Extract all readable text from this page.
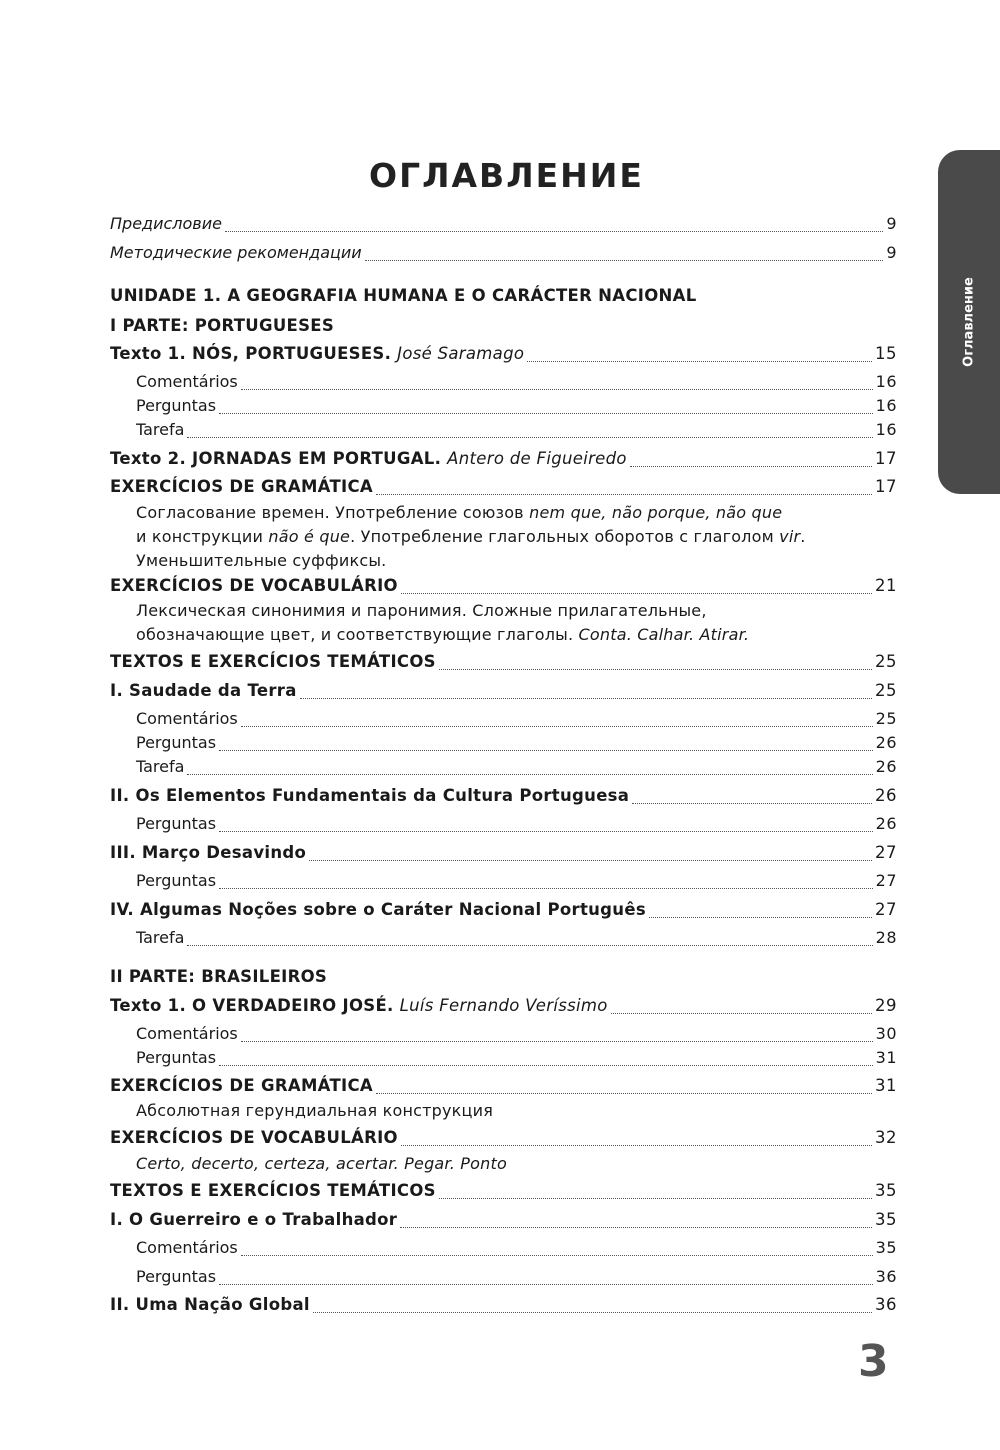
ОГЛАВЛЕНИЕ
Оглавление
Предисловие	9
Методические рекомендации	9
UNIDADE 1. A GEOGRAFIA HUMANA E O CARÁCTER NACIONAL
I PARTE: PORTUGUESES
Texto 1. NÓS, PORTUGUESES. José Saramago	15
Comentários	16
Perguntas	16
Tarefa	16
Texto 2. JORNADAS EM PORTUGAL. Antero de Figueiredo	17
EXERCÍCIOS DE GRAMÁTICA	17
Согласование времен. Употребление союзов nem que, não porque, não que
и конструкции não é que. Употребление глагольных оборотов с глаголом vir.
Уменьшительные суффиксы.
EXERCÍCIOS DE VOCABULÁRIO	21
Лексическая синонимия и паронимия. Сложные прилагательные,
обозначающие цвет, и соответствующие глаголы. Conta. Calhar. Atirar.
TEXTOS E EXERCÍCIOS TEMÁTICOS	25
I. Saudade da Terra	25
Comentários	25
Perguntas	26
Tarefa	26
II. Os Elementos Fundamentais da Cultura Portuguesa	26
Perguntas	26
III. Março Desavindo	27
Perguntas	27
IV. Algumas Noções sobre o Caráter Nacional Português	27
Tarefa	28
II PARTE: BRASILEIROS
Texto 1. O VERDADEIRO JOSÉ. Luís Fernando Veríssimo	29
Comentários	30
Perguntas	31
EXERCÍCIOS DE GRAMÁTICA	31
Абсолютная герундиальная конструкция
EXERCÍCIOS DE VOCABULÁRIO	32
Certo, decerto, certeza, acertar. Pegar. Ponto
TEXTOS E EXERCÍCIOS TEMÁTICOS	35
I. O Guerreiro e o Trabalhador	35
Comentários	35
Perguntas	36
II. Uma Nação Global	36
3
